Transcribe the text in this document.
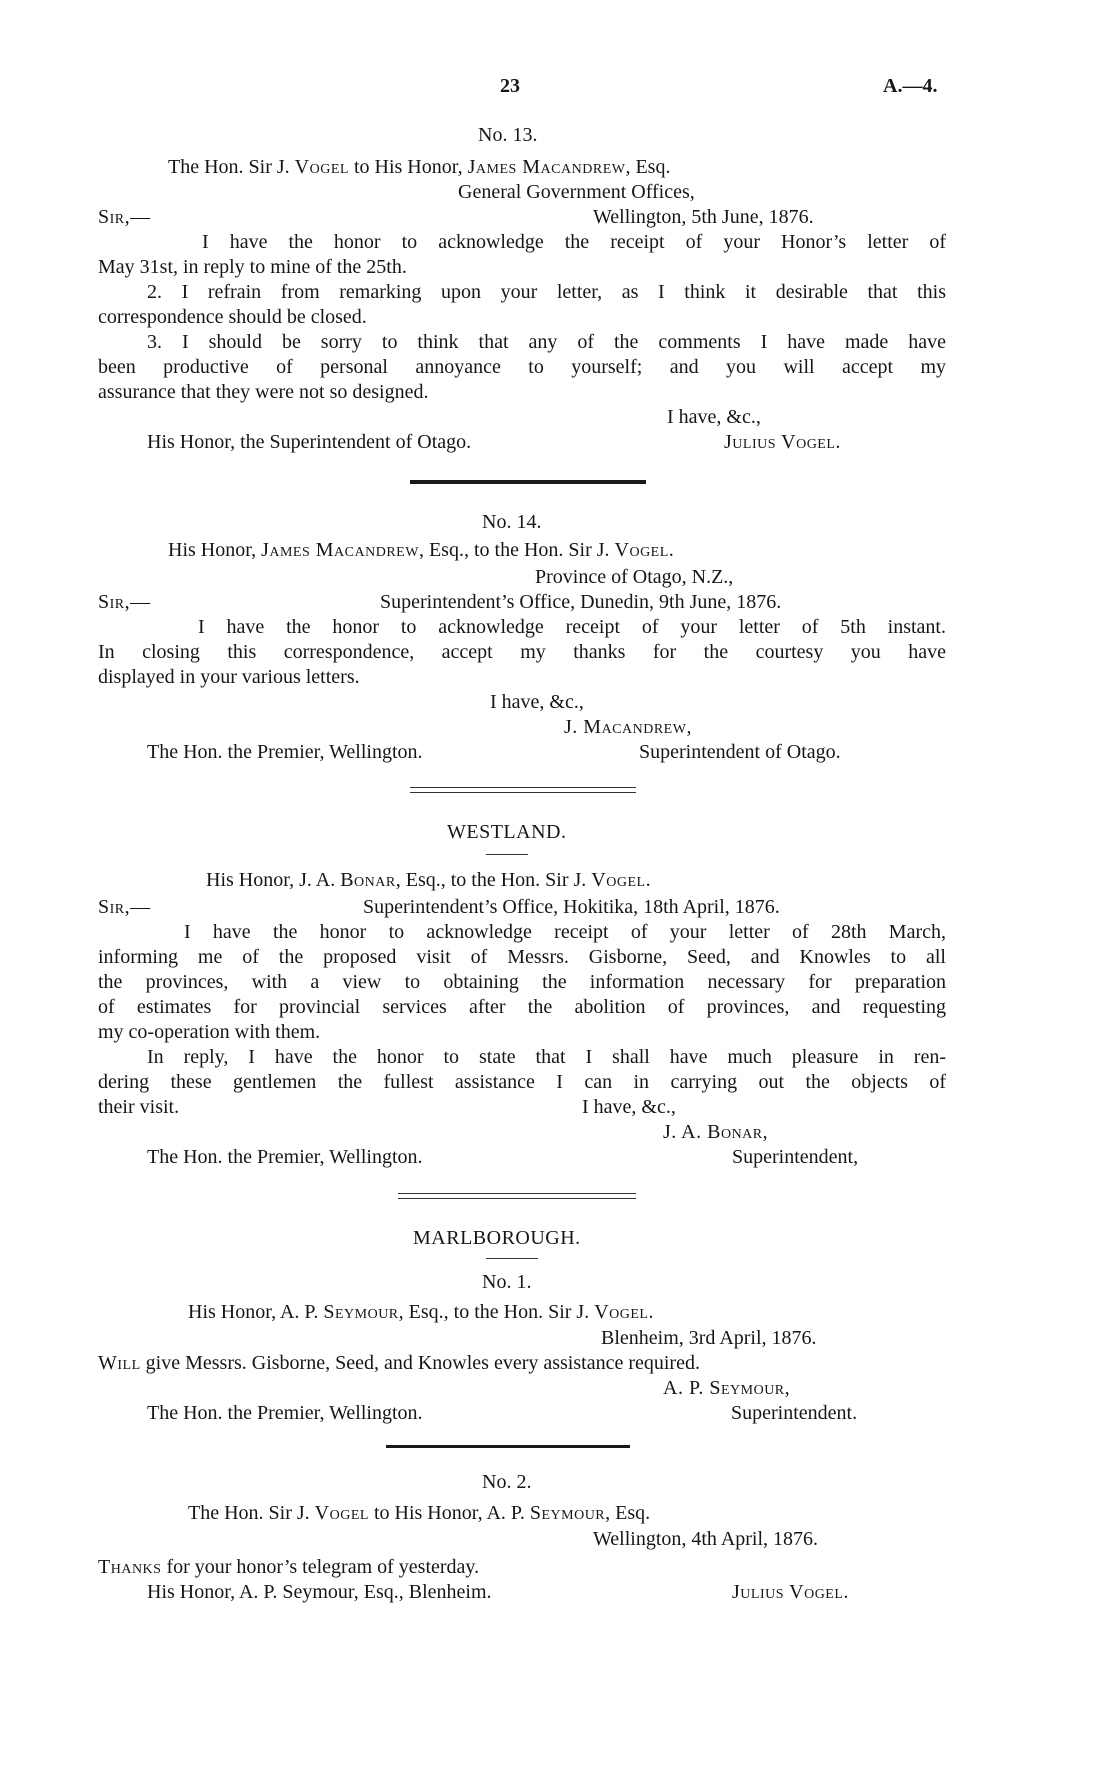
23	A.—4.
No. 13.
The Hon. Sir J. Vogel to His Honor, James Macandrew, Esq.
General Government Offices,
Sir,—	Wellington, 5th June, 1876.
I have the honor to acknowledge the receipt of your Honor’s letter of
May 31st, in reply to mine of the 25th.
2. I refrain from remarking upon your letter, as I think it desirable that this
correspondence should be closed.
3. I should be sorry to think that any of the comments I have made have
been productive of personal annoyance to yourself; and you will accept my
assurance that they were not so designed.
I have, &c.,
His Honor, the Superintendent of Otago.	Julius Vogel.
No. 14.
His Honor, James Macandrew, Esq., to the Hon. Sir J. Vogel.
Province of Otago, N.Z.,
Sir,—	Superintendent’s Office, Dunedin, 9th June, 1876.
I have the honor to acknowledge receipt of your letter of 5th instant.
In closing this correspondence, accept my thanks for the courtesy you have
displayed in your various letters.
I have, &c.,
J. Macandrew,
The Hon. the Premier, Wellington.	Superintendent of Otago.
WESTLAND.
His Honor, J. A. Bonar, Esq., to the Hon. Sir J. Vogel.
Sir,—	Superintendent’s Office, Hokitika, 18th April, 1876.
I have the honor to acknowledge receipt of your letter of 28th March,
informing me of the proposed visit of Messrs. Gisborne, Seed, and Knowles to all
the provinces, with a view to obtaining the information necessary for preparation
of estimates for provincial services after the abolition of provinces, and requesting
my co-operation with them.
In reply, I have the honor to state that I shall have much pleasure in ren-
dering these gentlemen the fullest assistance I can in carrying out the objects of
their visit.	I have, &c.,
J. A. Bonar,
The Hon. the Premier, Wellington.	Superintendent,
MARLBOROUGH.
No. 1.
His Honor, A. P. Seymour, Esq., to the Hon. Sir J. Vogel.
Blenheim, 3rd April, 1876.
Will give Messrs. Gisborne, Seed, and Knowles every assistance required.
A. P. Seymour,
The Hon. the Premier, Wellington.	Superintendent.
No. 2.
The Hon. Sir J. Vogel to His Honor, A. P. Seymour, Esq.
Wellington, 4th April, 1876.
Thanks for your honor’s telegram of yesterday.
His Honor, A. P. Seymour, Esq., Blenheim.	Julius Vogel.
